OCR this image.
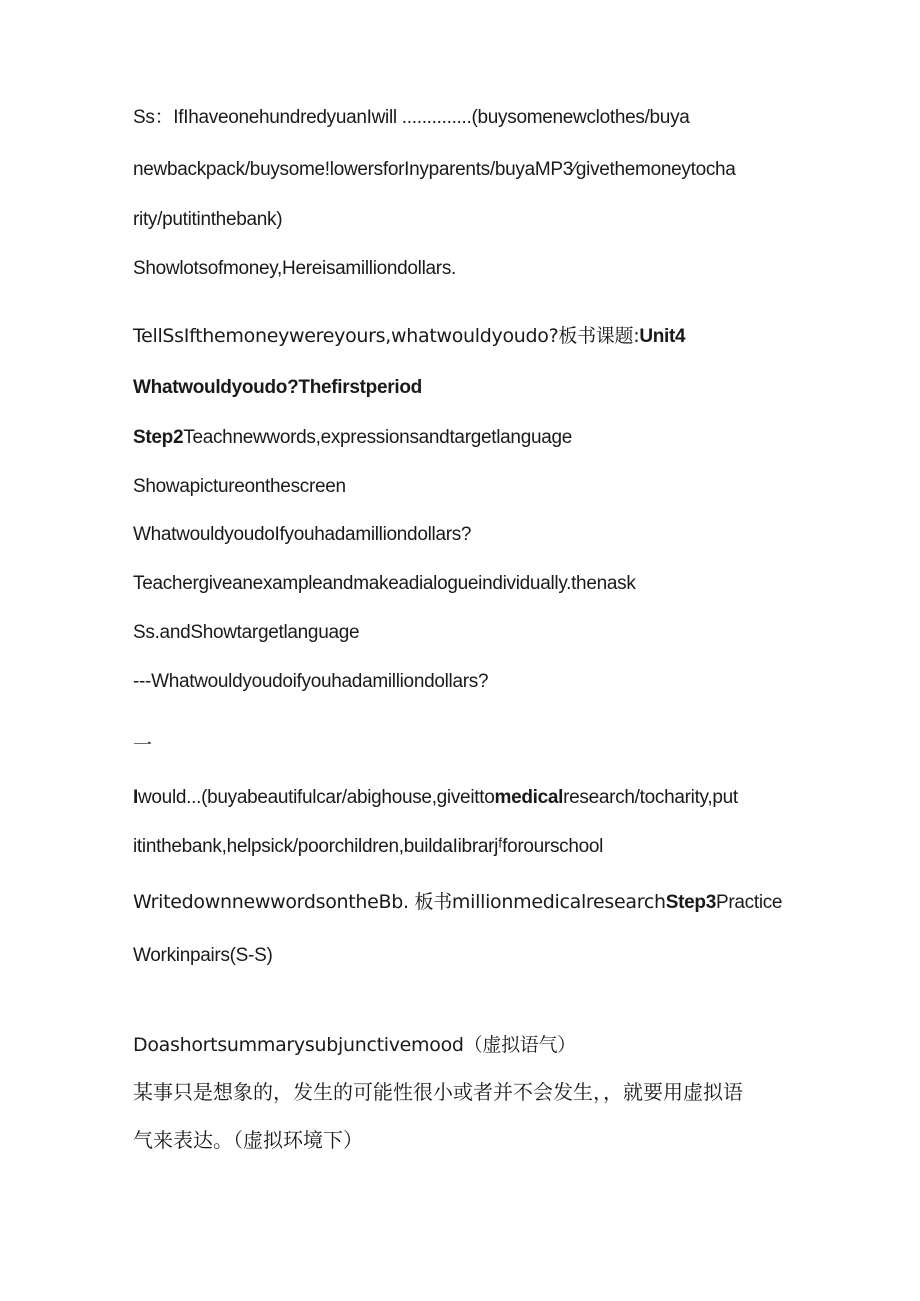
Ss：IfIhaveonehundredyuanIwill ..............(buysomenewclothes/buya
newbackpack/buysome!lowersforInyparents/buyaMP3⁄givethemoneytocha
rity/putitinthebank)
Showlotsofmoney,Hereisamilliondollars.
TellSsIfthemoneywereyours,whatwouldyoudo?板书课题:Unit4
Whatwouldyoudo?Thefirstperiod
Step2Teachnewwords,expressionsandtargetlanguage
Showapictureonthescreen
WhatwouldyoudoIfyouhadamilliondollars?
Teachergiveanexampleandmakeadialogueindividually.thenask
Ss.andShowtargetlanguage
---Whatwouldyoudoifyouhadamilliondollars?
一
Iwould...(buyabeautifulcar/abighouse,giveittomedicalresearch/tocharity,put
itinthebank,helpsick/poorchildren,buildaIibrarjᶠforourschool
WritedownnewwordsontheBb. 板书millionmedicalresearchStep3Practice
Workinpairs(S-S)
Doashortsummarysubjunctivemood（虚拟语气）
某事只是想象的，发生的可能性很小或者并不会发生，，就要用虚拟语
气来表达。（虚拟环境下）
